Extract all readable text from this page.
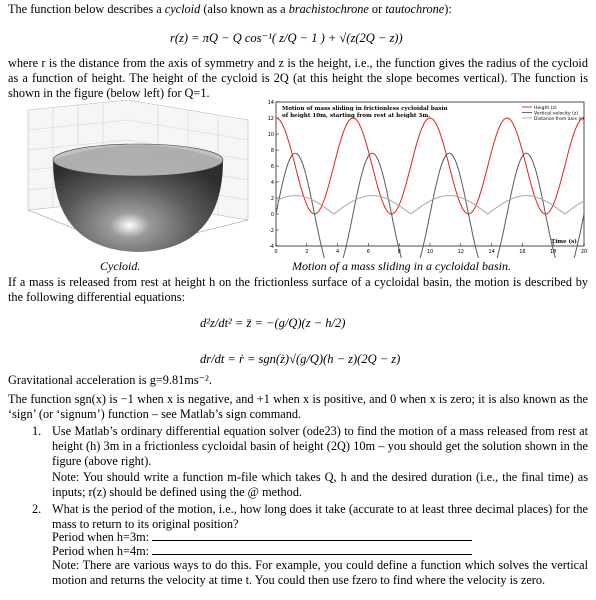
The function below describes a cycloid (also known as a brachistochrone or tautochrone):
r(z) = πQ − Q cos⁻¹( z/Q − 1 ) + √(z(2Q − z))
where r is the distance from the axis of symmetry and z is the height, i.e., the function gives the radius of the cycloid as a function of height. The height of the cycloid is 2Q (at this height the slope becomes vertical). The function is shown in the figure (below left) for Q=1.
-4
-2
0
2
4
6
8
10
12
14
0	2	4	6	8	10	12	14	16	18	20
Time (s)
Motion of mass sliding in frictionless cycloidal basin
of height 10m, starting from rest at height 3m.
Height (z)
Vertical velocity (z)
Distance from axis (r)
Cycloid.	Motion of a mass sliding in a cycloidal basin.
If a mass is released from rest at height h on the frictionless surface of a cycloidal basin, the motion is described by the following differential equations:
d²z/dt² = z̈ = −(g/Q)(z − h/2)
dr/dt = ṙ = sgn(ż)√(g/Q)(h − z)(2Q − z)
Gravitational acceleration is g=9.81ms⁻².
The function sgn(x) is −1 when x is negative, and +1 when x is positive, and 0 when x is zero; it is also known as the ‘sign’ (or ‘signum’) function – see Matlab’s sign command.
1. Use Matlab’s ordinary differential equation solver (ode23) to find the motion of a mass released from rest at height (h) 3m in a frictionless cycloidal basin of height (2Q) 10m – you should get the solution shown in the figure (above right).
Note: You should write a function m-file which takes Q, h and the desired duration (i.e., the final time) as inputs; r(z) should be defined using the @ method.
2. What is the period of the motion, i.e., how long does it take (accurate to at least three decimal places) for the mass to return to its original position?
Period when h=3m:
Period when h=4m:
Note: There are various ways to do this. For example, you could define a function which solves the vertical motion and returns the velocity at time t. You could then use fzero to find where the velocity is zero.
